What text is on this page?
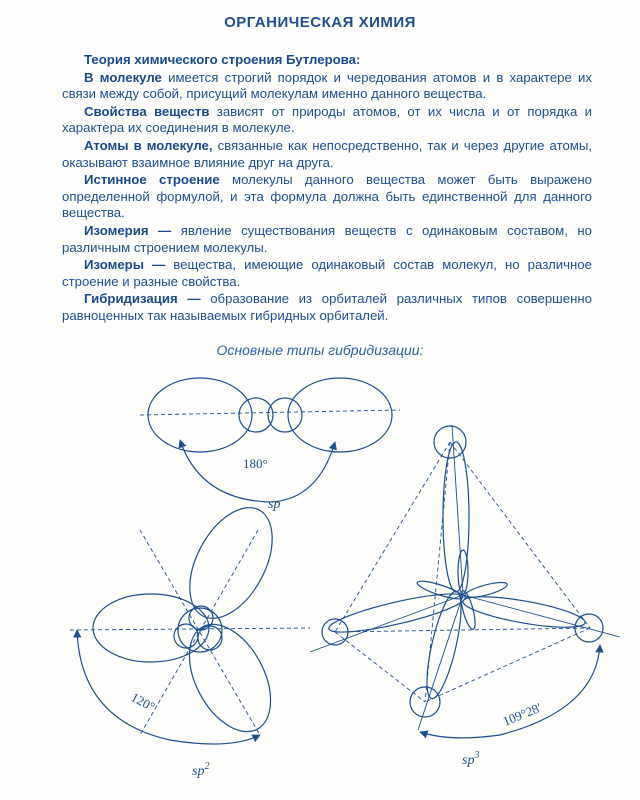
ОРГАНИЧЕСКАЯ ХИМИЯ

Теория химического строения Бутлерова:

В молекуле имеется строгий порядок и чередования атомов и в характере их связи между собой, присущий молекулам именно данного вещества.

Свойства веществ зависят от природы атомов, от их числа и от порядка и характера их соединения в молекуле.

Атомы в молекуле, связанные как непосредственно, так и через другие атомы, оказывают взаимное влияние друг на друга.

Истинное строение молекулы данного вещества может быть выражено определенной формулой, и эта формула должна быть единственной для данного вещества.

Изомерия — явление существования веществ с одинаковым составом, но различным строением молекулы.

Изомеры — вещества, имеющие одинаковый состав молекул, но различное строение и разные свойства.

Гибридизация — образование из орбиталей различных типов совершенно равноценных так называемых гибридных орбиталей.

Основные типы гибридизации:
180°
sp
120°
$sp^2$
109°28′
$sp^3$
